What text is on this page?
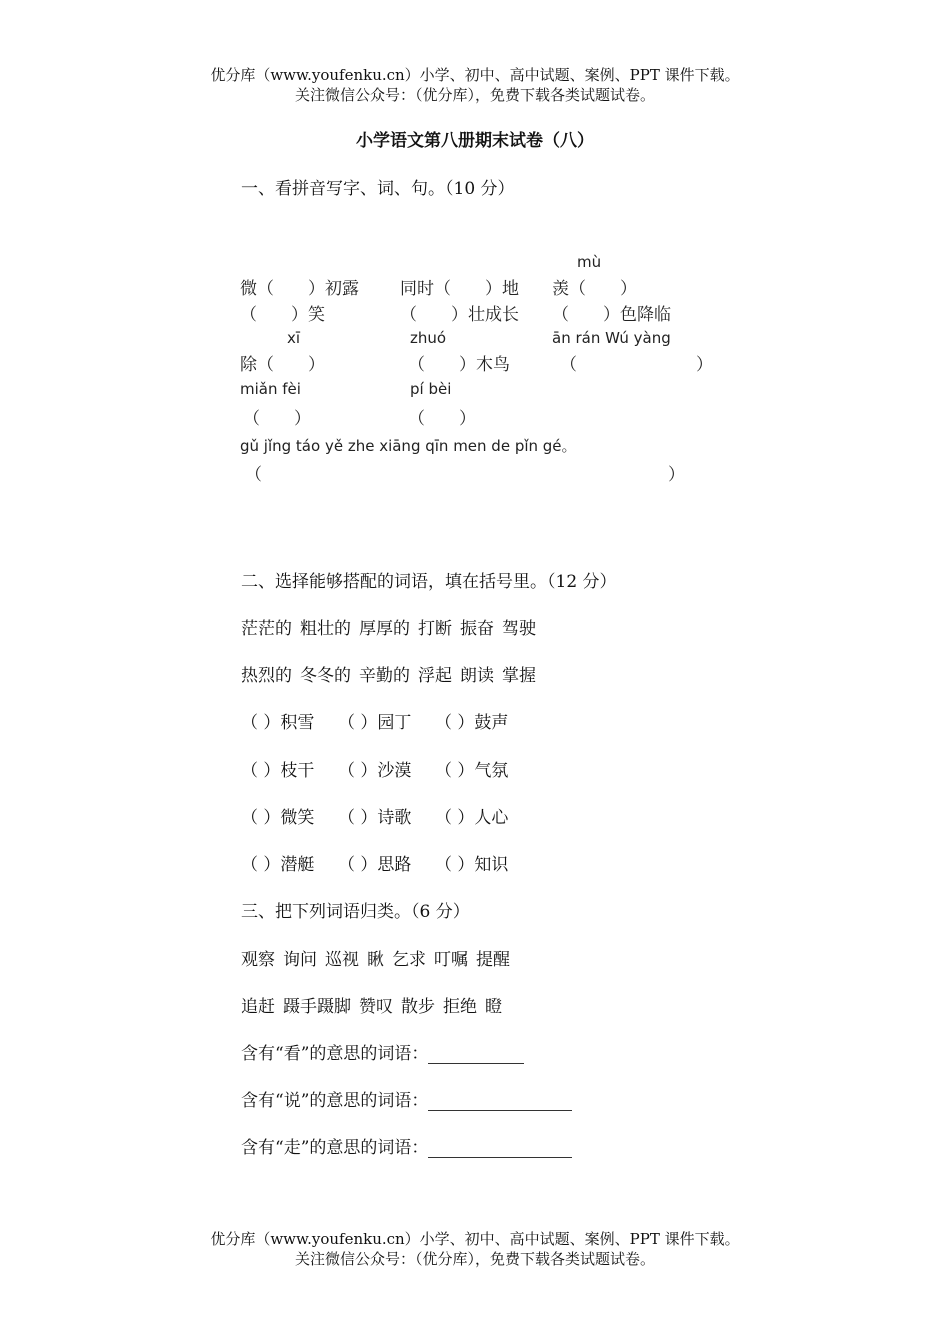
优分库（www.youfenku.cn）小学、初中、高中试题、案例、PPT 课件下载。
关注微信公众号：（优分库），免费下载各类试题试卷。
小学语文第八册期末试卷（八）
一、看拼音写字、词、句。（10 分）
mù
微（　　）初露 同时（　　）地 羡（　　）
（　　）笑	（　　）壮成长 （　　）色降临
xī	zhuó	ān rán Wú yàng
除（　　）	（　　）木鸟	（	）
miǎn fèi	pí bèi
（　　）	（　　）
gǔ jǐng táo yě zhe xiāng qīn men de pǐn gé。
（	）
二、选择能够搭配的词语，填在括号里。（12 分）
茫茫的 粗壮的 厚厚的 打断 振奋 驾驶
热烈的 冬冬的 辛勤的 浮起 朗读 掌握
（ ）积雪 （ ）园丁 （ ）鼓声
（ ）枝干 （ ）沙漠 （ ）气氛
（ ）微笑 （ ）诗歌 （ ）人心
（ ）潜艇 （ ）思路 （ ）知识
三、把下列词语归类。（6 分）
观察 询问 巡视 瞅 乞求 叮嘱 提醒
追赶 蹑手蹑脚 赞叹 散步 拒绝 瞪
含有“看”的意思的词语：
含有“说”的意思的词语：
含有“走”的意思的词语：
优分库（www.youfenku.cn）小学、初中、高中试题、案例、PPT 课件下载。
关注微信公众号：（优分库），免费下载各类试题试卷。
